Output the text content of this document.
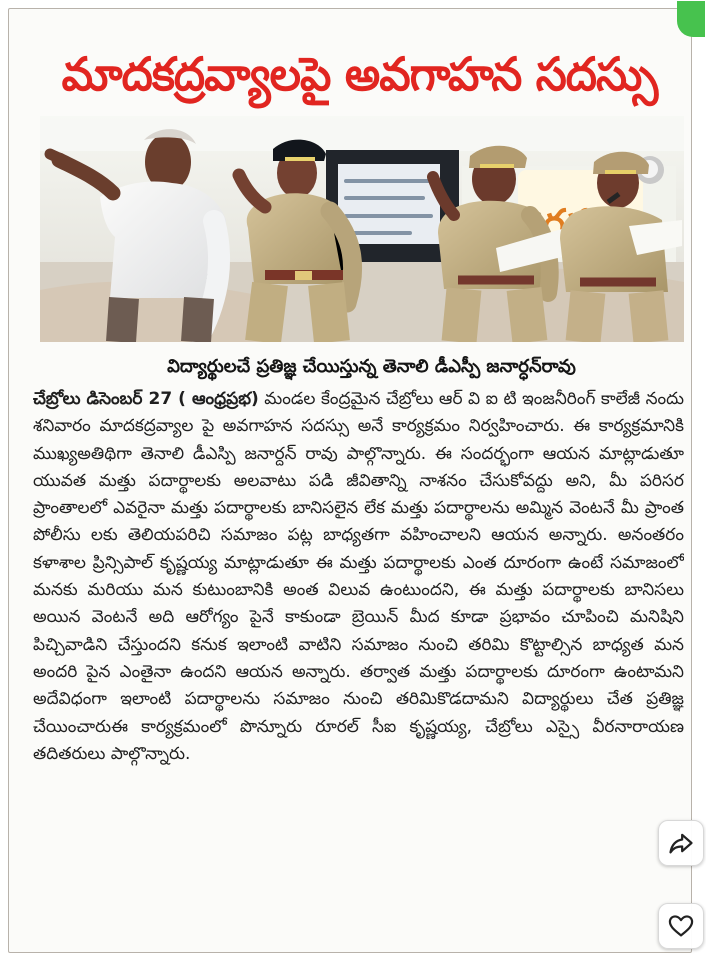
మాదకద్రవ్యాలపై అవగాహన సదస్సు

విద్యార్థులచే ప్రతిజ్ఞ చేయిస్తున్న తెనాలి డీఎస్పీ జనార్ధన్‌రావు

చేబ్రోలు డిసెంబర్ 27 ( ఆంధ్రప్రభ) మండల కేంద్రమైన చేబ్రోలు ఆర్ వి ఐ టి ఇంజనీరింగ్ కాలేజీ నందు శనివారం మాదకద్రవ్యాల పై అవగాహన సదస్సు అనే కార్యక్రమం నిర్వహించారు. ఈ కార్యక్రమానికి ముఖ్యఅతిథిగా తెనాలి డీఎస్పి జనార్దన్ రావు పాల్గొన్నారు. ఈ సందర్భంగా ఆయన మాట్లాడుతూ యువత మత్తు పదార్థాలకు అలవాటు పడి జీవితాన్ని నాశనం చేసుకోవద్దు అని, మీ పరిసర ప్రాంతాలలో ఎవరైనా మత్తు పదార్థాలకు బానిసలైన లేక మత్తు పదార్థాలను అమ్మిన వెంటనే మీ ప్రాంత పోలీసు లకు తెలియపరిచి సమాజం పట్ల బాధ్యతగా వహించాలని ఆయన అన్నారు. అనంతరం కళాశాల ప్రిన్సిపాల్ కృష్ణయ్య మాట్లాడుతూ ఈ మత్తు పదార్థాలకు ఎంత దూరంగా ఉంటే సమాజంలో మనకు మరియు మన కుటుంబానికి అంత విలువ ఉంటుందని, ఈ మత్తు పదార్థాలకు బానిసలు అయిన వెంటనే అది ఆరోగ్యం పైనే కాకుండా బ్రెయిన్ మీద కూడా ప్రభావం చూపించి మనిషిని పిచ్చివాడిని చేస్తుందని కనుక ఇలాంటి వాటిని సమాజం నుంచి తరిమి కొట్టాల్సిన బాధ్యత మన అందరి పైన ఎంతైనా ఉందని ఆయన అన్నారు. తర్వాత మత్తు పదార్థాలకు దూరంగా ఉంటామని అదేవిధంగా ఇలాంటి పదార్థాలను సమాజం నుంచి తరిమికొడదామని విద్యార్థులు చేత ప్రతిజ్ఞ చేయించారుఈ కార్యక్రమంలో పొన్నూరు రూరల్ సీఐ కృష్ణయ్య, చేబ్రోలు ఎస్సై వీరనారాయణ తదితరులు పాల్గొన్నారు.
